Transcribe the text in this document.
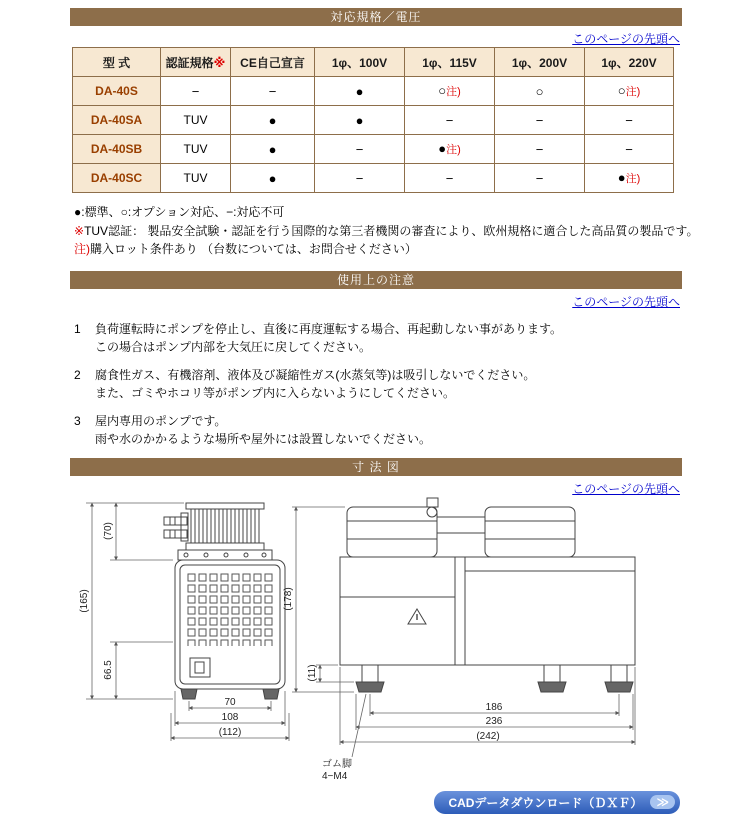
対応規格／電圧
このページの先頭へ
型 式	認証規格※	CE自己宣言	1φ、100V	1φ、115V	1φ、200V	1φ、220V
DA-40S	−	−	●	○注)	○	○注)
DA-40SA	TUV	●	●	−	−	−
DA-40SB	TUV	●	−	●注)	−	−
DA-40SC	TUV	●	−	−	−	●注)
●:標準、○:オプション対応、−:対応不可
※TUV認証： 製品安全試験・認証を行う国際的な第三者機関の審査により、欧州規格に適合した高品質の製品です。
注)購入ロット条件あり （台数については、お問合せください）
使用上の注意
このページの先頭へ
1	負荷運転時にポンプを停止し、直後に再度運転する場合、再起動しない事があります。
この場合はポンプ内部を大気圧に戻してください。
2	腐食性ガス、有機溶剤、液体及び凝縮性ガス(水蒸気等)は吸引しないでください。
また、ゴミやホコリ等がポンプ内に入らないようにしてください。
3	屋内専用のポンプです。
雨や水のかかるような場所や屋外には設置しないでください。
寸 法 図
このページの先頭へ
(165)
(70)
66.5
70
108
(112)
(178)
(11)
186
236
(242)
ゴム脚
4−M4
CADデータダウンロード（ＤＸＦ）	≫
